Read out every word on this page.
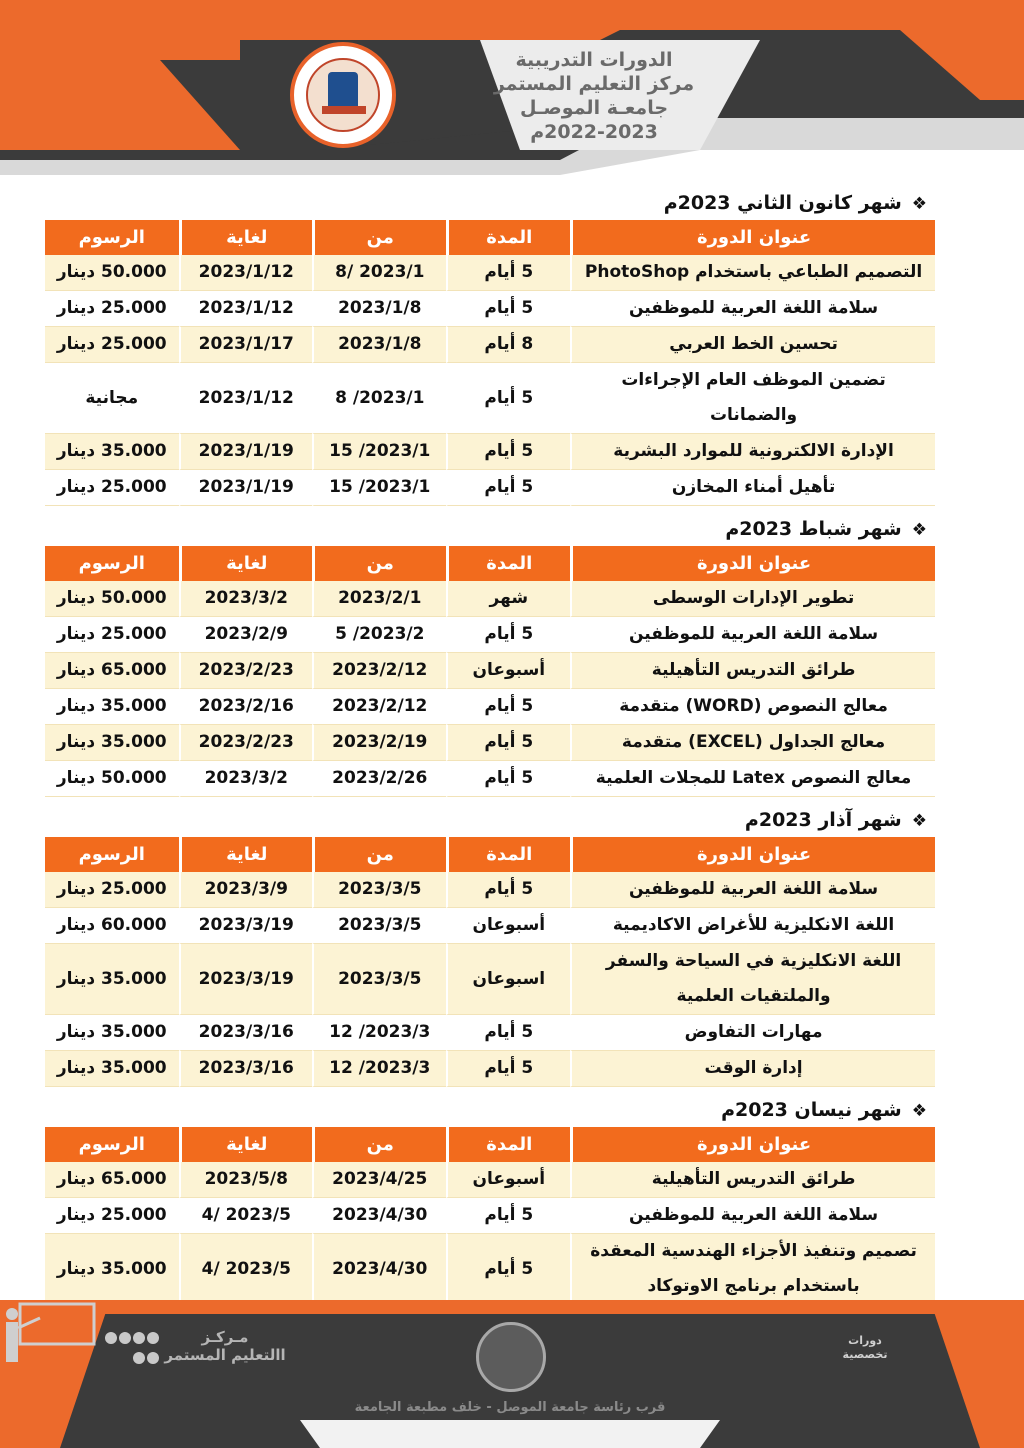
الدورات التدريبية
مركز التعليم المستمر
جامعـة الموصـل
2022-2023م
❖شهر كانون الثاني 2023م
عنوان الدورة	المدة	من	لغاية	الرسوم
التصميم الطباعي باستخدام PhotoShop	5 أيام	2023/1 /8	2023/1/12	50.000 دينار
سلامة اللغة العربية للموظفين	5 أيام	2023/1/8	2023/1/12	25.000 دينار
تحسين الخط العربي	8 أيام	2023/1/8	2023/1/17	25.000 دينار
تضمين الموظف العام الإجراءات والضمانات	5 أيام	2023/1/ 8	2023/1/12	مجانية
الإدارة الالكترونية للموارد البشرية	5 أيام	2023/1/ 15	2023/1/19	35.000 دينار
تأهيل أمناء المخازن	5 أيام	2023/1/ 15	2023/1/19	25.000 دينار
❖شهر شباط 2023م
عنوان الدورة	المدة	من	لغاية	الرسوم
تطوير الإدارات الوسطى	شهر	2023/2/1	2023/3/2	50.000 دينار
سلامة اللغة العربية للموظفين	5 أيام	2023/2/ 5	2023/2/9	25.000 دينار
طرائق التدريس التأهيلية	أسبوعان	2023/2/12	2023/2/23	65.000 دينار
معالج النصوص (WORD) متقدمة	5 أيام	2023/2/12	2023/2/16	35.000 دينار
معالج الجداول (EXCEL) متقدمة	5 أيام	2023/2/19	2023/2/23	35.000 دينار
معالج النصوص Latex للمجلات العلمية	5 أيام	2023/2/26	2023/3/2	50.000 دينار
❖شهر آذار 2023م
عنوان الدورة	المدة	من	لغاية	الرسوم
سلامة اللغة العربية للموظفين	5 أيام	2023/3/5	2023/3/9	25.000 دينار
اللغة الانكليزية للأغراض الاكاديمية	أسبوعان	2023/3/5	2023/3/19	60.000 دينار
اللغة الانكليزية في السياحة والسفر والملتقيات العلمية	اسبوعان	2023/3/5	2023/3/19	35.000 دينار
مهارات التفاوض	5 أيام	2023/3/ 12	2023/3/16	35.000 دينار
إدارة الوقت	5 أيام	2023/3/ 12	2023/3/16	35.000 دينار
❖شهر نيسان 2023م
عنوان الدورة	المدة	من	لغاية	الرسوم
طرائق التدريس التأهيلية	أسبوعان	2023/4/25	2023/5/8	65.000 دينار
سلامة اللغة العربية للموظفين	5 أيام	2023/4/30	2023/5 /4	25.000 دينار
تصميم وتنفيذ الأجزاء الهندسية المعقدة باستخدام برنامج الاوتوكاد	5 أيام	2023/4/30	2023/5 /4	35.000 دينار
مـركـز
االتعليم المستمر
دورات
تخصصية
قرب رئاسة جامعة الموصل - خلف مطبعة الجامعة
